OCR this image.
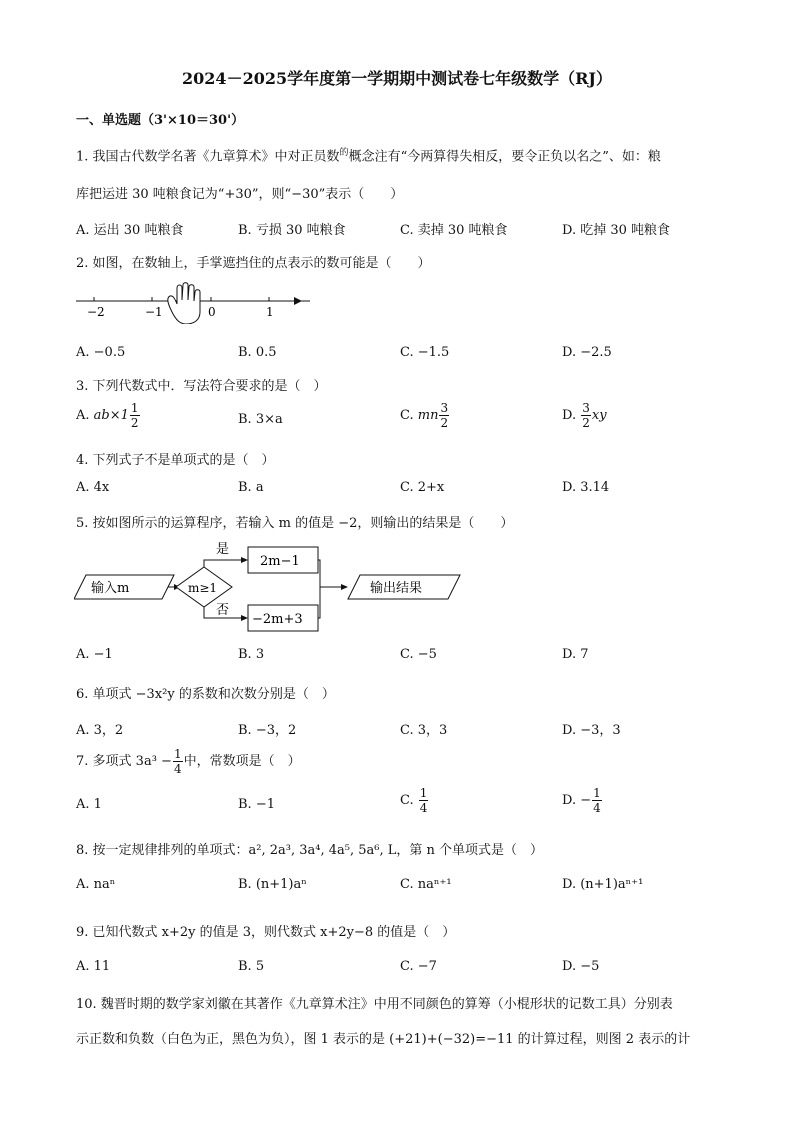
2024－2025学年度第一学期期中测试卷七年级数学（RJ）
一、单选题（3'×10＝30'）
1. 我国古代数学名著《九章算术》中对正员数$^的$概念注有“今两算得失相反，要令正负以名之”、如：粮
库把运进 30 吨粮食记为“+30”，则“−30”表示（　　）
A. 运出 30 吨粮食	B. 亏损 30 吨粮食	C. 卖掉 30 吨粮食	D. 吃掉 30 吨粮食
2. 如图，在数轴上，手掌遮挡住的点表示的数可能是（　　）
−2	−1	0	1
A. −0.5	B. 0.5	C. −1.5	D. −2.5
3. 下列代数式中．写法符合要求的是（　）
A. $ab\times 1 \frac{1}{2}$	B. 3×a	C. mn $\frac{3}{2}$	D. $\frac{3}{2}$ xy
4. 下列式子不是单项式的是（　）
A. 4x	B. a	C. 2+x	D. 3.14
5. 按如图所示的运算程序，若输入 m 的值是 −2，则输出的结果是（　　）
输入m	m≥1
是
否
2m−1
−2m+3
输出结果
A. −1	B. 3	C. −5	D. 7
6. 单项式 −3x²y 的系数和次数分别是（　）
A. 3，2	B. −3，2	C. 3，3	D. −3，3
7. 多项式 $3a^3 - \frac{1}{4}$ 中，常数项是（　）
A. 1	B. −1	C. $\frac{1}{4}$	D. − $\frac{1}{4}$
8. 按一定规律排列的单项式：a², 2a³, 3a⁴, 4a⁵, 5a⁶, L，第 n 个单项式是（　）
A. naⁿ	B. (n+1)aⁿ	C. naⁿ⁺¹	D. (n+1)aⁿ⁺¹
9. 已知代数式 x+2y 的值是 3，则代数式 x+2y−8 的值是（　）
A. 11	B. 5	C. −7	D. −5
10. 魏晋时期的数学家刘徽在其著作《九章算术注》中用不同颜色的算筹（小棍形状的记数工具）分别表
示正数和负数（白色为正，黑色为负），图 1 表示的是 (+21)+(−32)=−11 的计算过程，则图 2 表示的计
